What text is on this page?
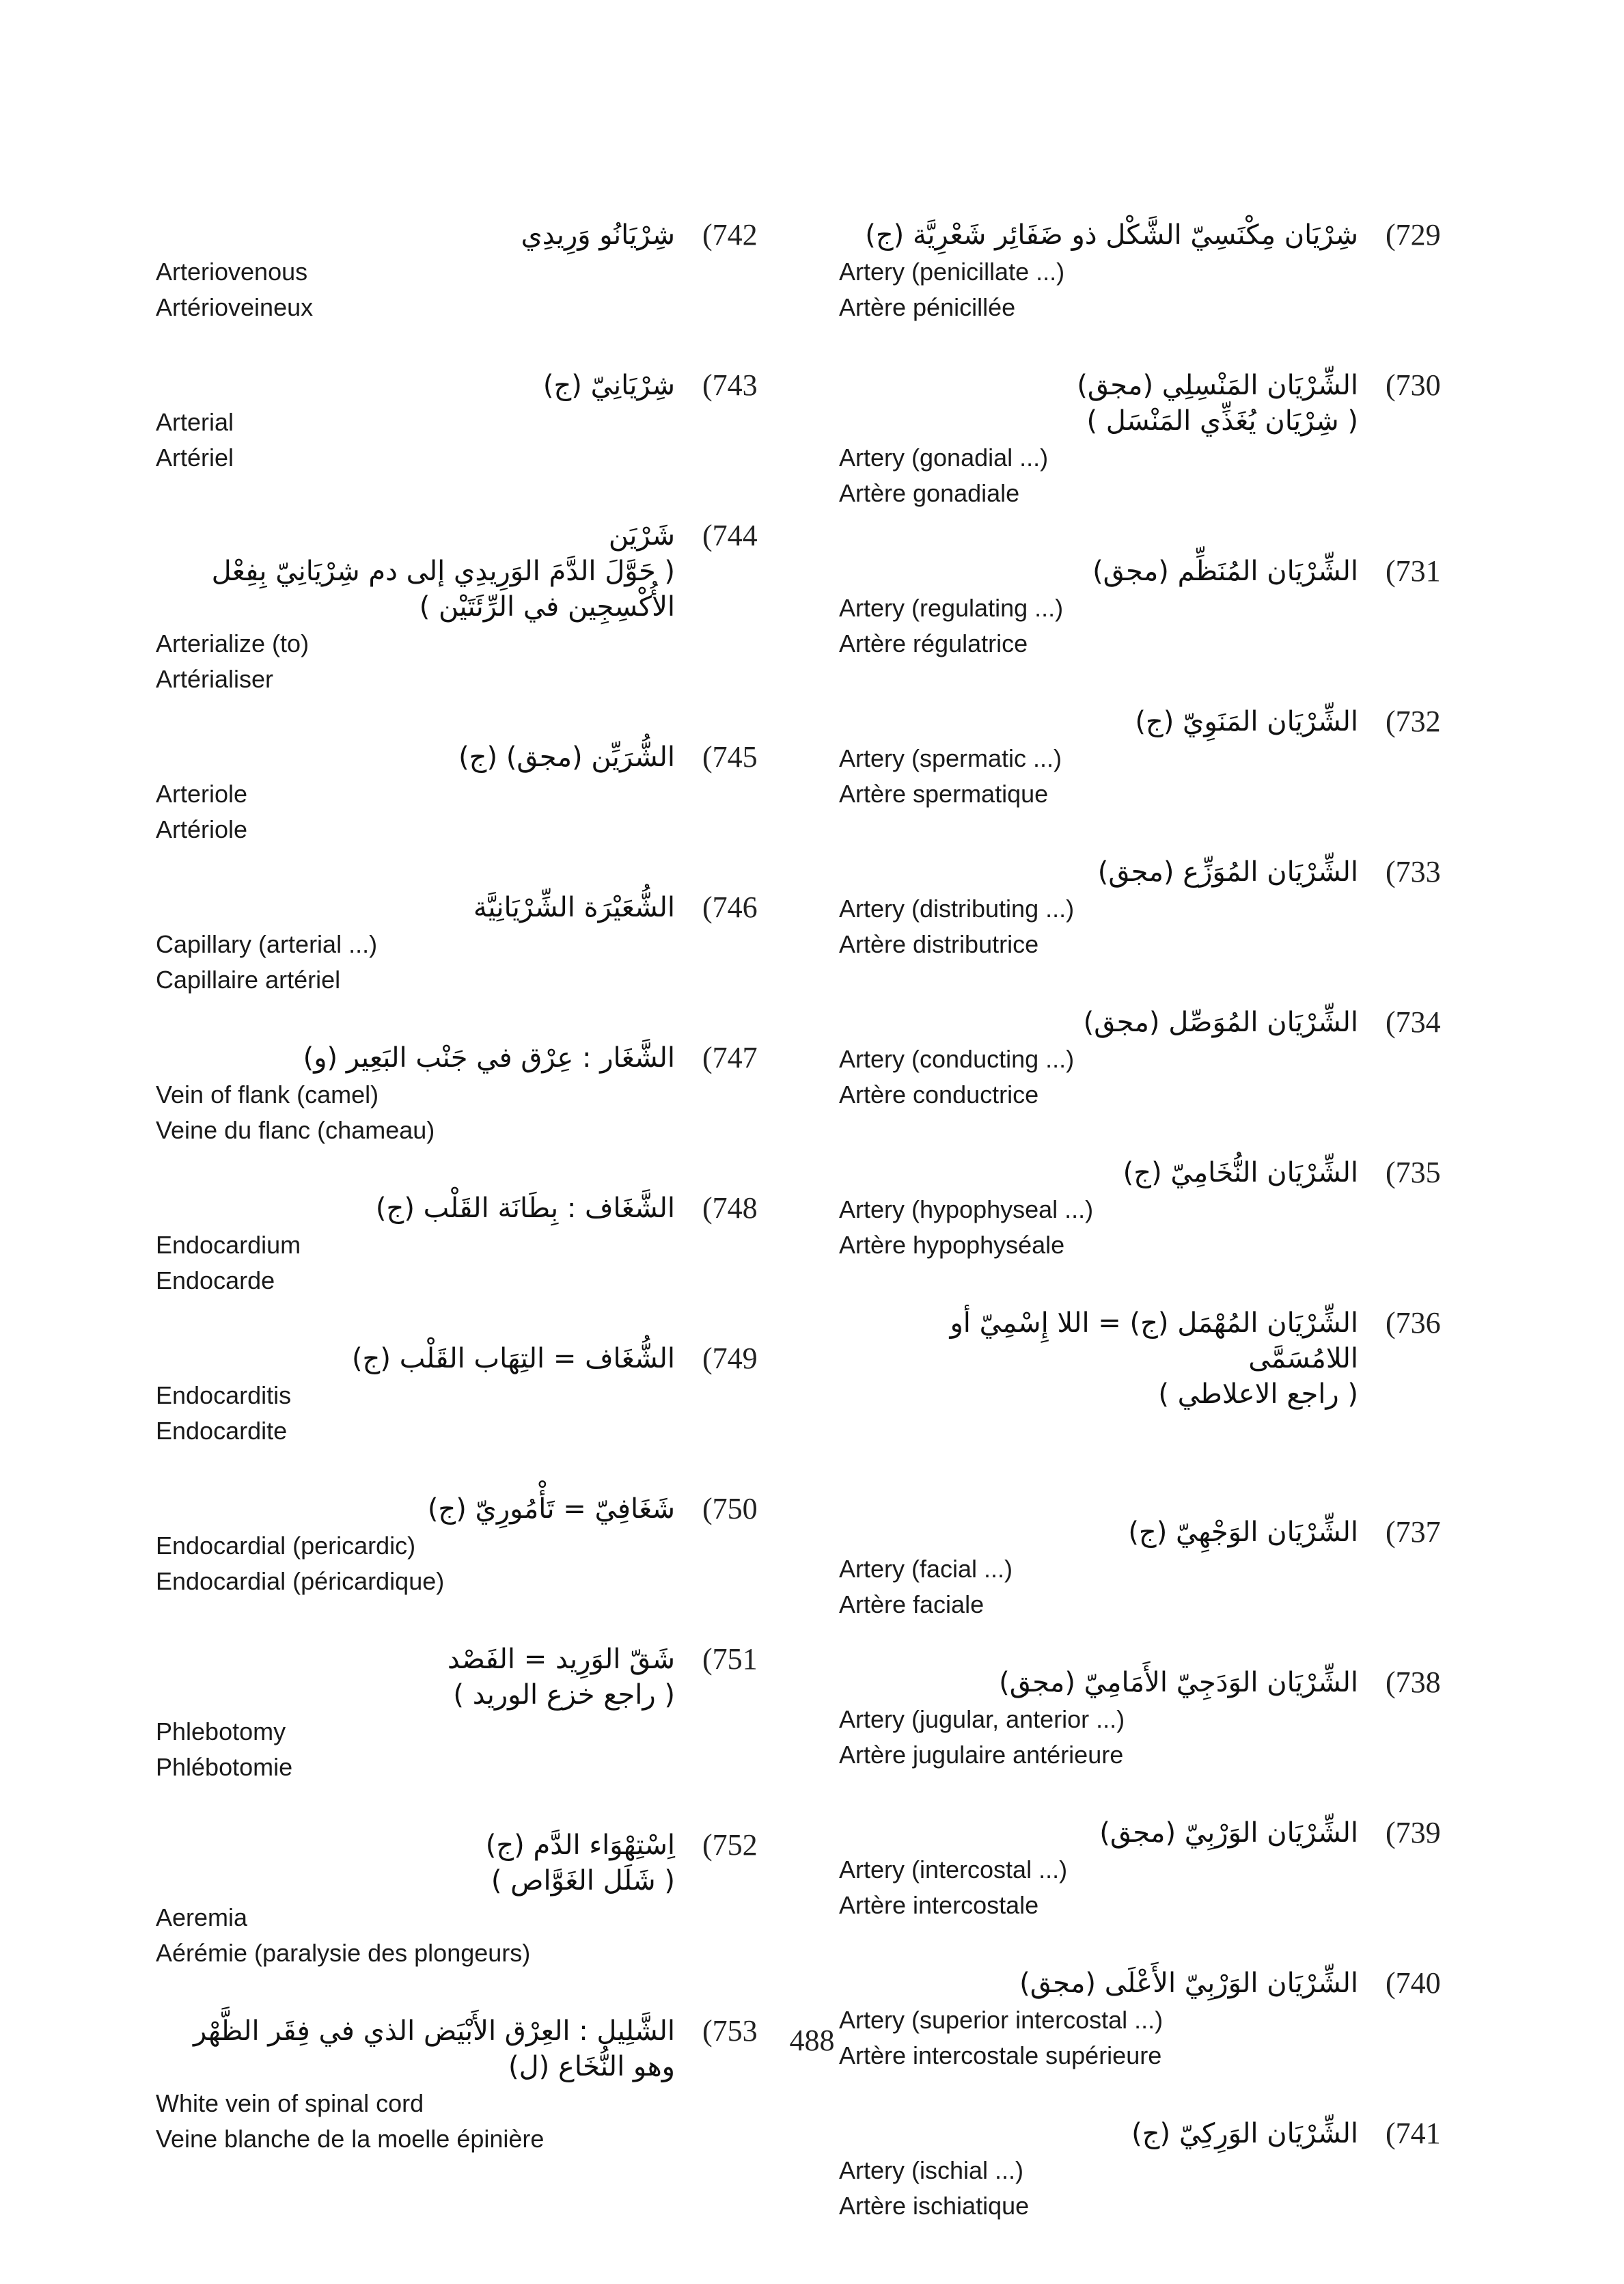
شِرْيَانُو وَرِيدِي	( 742
Arteriovenous
Artérioveineux
شِرْيَانِيّ (ج)	( 743
Arterial
Artériel
شَرْيَن
( حَوَّلَ الدَّمَ الوَرِيدِي إلى دم شِرْيَانِيّ بِفِعْل
الأُكْسِجِين في الرِّئَتَيْن )
( 744
Arterialize (to)
Artérialiser
الشُّرَيِّن (مجق) (ج)	( 745
Arteriole
Artériole
الشُّعَيْرَة الشِّرْيَانِيَّة	( 746
Capillary (arterial ...)
Capillaire artériel
الشَّغَار : عِرْق في جَنْب البَعِير (و)	( 747
Vein of flank (camel)
Veine du flanc (chameau)
الشَّغَاف : بِطَانَة القَلْب (ج)	( 748
Endocardium
Endocarde
الشُّغَاف = التِهَاب القَلْب (ج)	( 749
Endocarditis
Endocardite
شَغَافِيّ = تَأْمُورِيّ (ج)	( 750
Endocardial (pericardic)
Endocardial (péricardique)
شَقّ الوَرِيد = الفَصْد
( راجع خزع الوريد )
( 751
Phlebotomy
Phlébotomie
اِسْتِهْوَاء الدَّم (ج)
( شَلَل الغَوَّاص )
( 752
Aeremia
Aérémie (paralysie des plongeurs)
الشَّلِيل : العِرْق الأَبْيَض الذي في فِقَر الظَّهْر
وهو النُّخَاع (ل)
( 753
White vein of spinal cord
Veine blanche de la moelle épinière
شِرْيَان مِكْنَسِيّ الشَّكْل ذو ضَفَائِر شَعْرِيَّة (ج)	( 729
Artery (penicillate ...)
Artère pénicillée
الشِّرْيَان المَنْسِلِي (مجق)
( شِرْيَان يُغَذِّي المَنْسَل )
( 730
Artery (gonadial ...)
Artère gonadiale
الشِّرْيَان المُنَظِّم (مجق)	( 731
Artery (regulating ...)
Artère régulatrice
الشِّرْيَان المَنَوِيّ (ج)	( 732
Artery (spermatic ...)
Artère spermatique
الشِّرْيَان المُوَزِّع (مجق)	( 733
Artery (distributing ...)
Artère distributrice
الشِّرْيَان المُوَصِّل (مجق)	( 734
Artery (conducting ...)
Artère conductrice
الشِّرْيَان النُّخَامِيّ (ج)	( 735
Artery (hypophyseal ...)
Artère hypophyséale
الشِّرْيَان المُهْمَل (ج) = اللا إِسْمِيّ أو
اللامُسَمَّى
( راجع الاعلاطي )
( 736
الشِّرْيَان الوَجْهِيّ (ج)	( 737
Artery (facial ...)
Artère faciale
الشِّرْيَان الوَدَجِيّ الأَمَامِيّ (مجق)	( 738
Artery (jugular, anterior ...)
Artère jugulaire antérieure
الشِّرْيَان الوَرْبِيّ (مجق)	( 739
Artery (intercostal ...)
Artère intercostale
الشِّرْيَان الوَرْبِيّ الأَعْلَى (مجق)	( 740
Artery (superior intercostal ...)
Artère intercostale supérieure
الشِّرْيَان الوَرِكِيّ (ج)	( 741
Artery (ischial ...)
Artère ischiatique
488
